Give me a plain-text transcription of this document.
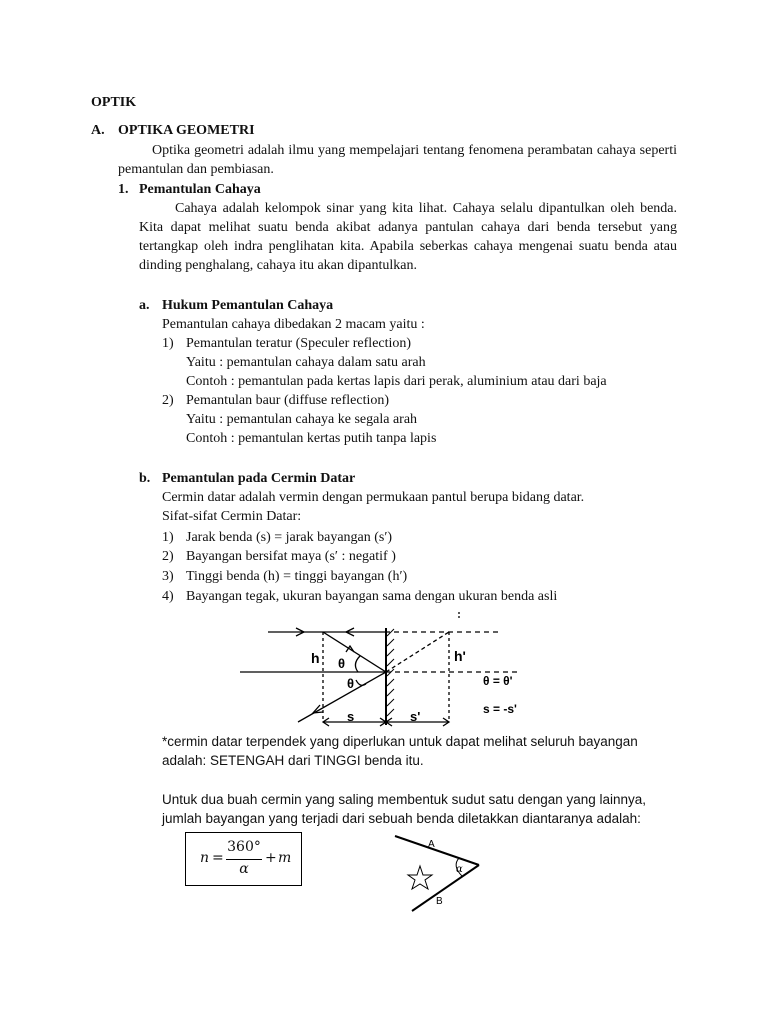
OPTIK
A. OPTIKA GEOMETRI
Optika geometri adalah ilmu yang mempelajari tentang fenomena perambatan cahaya seperti pemantulan dan pembiasan.
1. Pemantulan Cahaya
Cahaya adalah kelompok sinar yang kita lihat. Cahaya selalu dipantulkan oleh benda. Kita dapat melihat suatu benda akibat adanya pantulan cahaya dari benda tersebut yang tertangkap oleh indra penglihatan kita. Apabila seberkas cahaya mengenai suatu benda atau dinding penghalang, cahaya itu akan dipantulkan.
a. Hukum Pemantulan Cahaya
Pemantulan cahaya dibedakan 2 macam yaitu :
1) Pemantulan teratur (Speculer reflection)
Yaitu : pemantulan cahaya dalam satu arah
Contoh : pemantulan pada kertas lapis dari perak, aluminium atau dari baja
2) Pemantulan baur (diffuse reflection)
Yaitu : pemantulan cahaya ke segala arah
Contoh : pemantulan kertas putih tanpa lapis
b. Pemantulan pada Cermin Datar
Cermin datar adalah vermin dengan permukaan pantul berupa bidang datar.
Sifat-sifat Cermin Datar:
1) Jarak benda (s) = jarak bayangan (s′)
2) Bayangan bersifat maya (s′ : negatif )
3) Tinggi benda (h) = tinggi bayangan (h′)
4) Bayangan tegak, ukuran bayangan sama dengan ukuran benda asli
h	h'
θ
θ
s	s'
θ = θ'
s = -s'
*cermin datar terpendek yang diperlukan untuk dapat melihat seluruh bayangan
adalah: SETENGAH dari TINGGI benda itu.
Untuk dua buah cermin yang saling membentuk sudut satu dengan yang lainnya,
jumlah bayangan yang terjadi dari sebuah benda diletakkan diantaranya adalah:
n =
360°
α
+ m
A
B
α
